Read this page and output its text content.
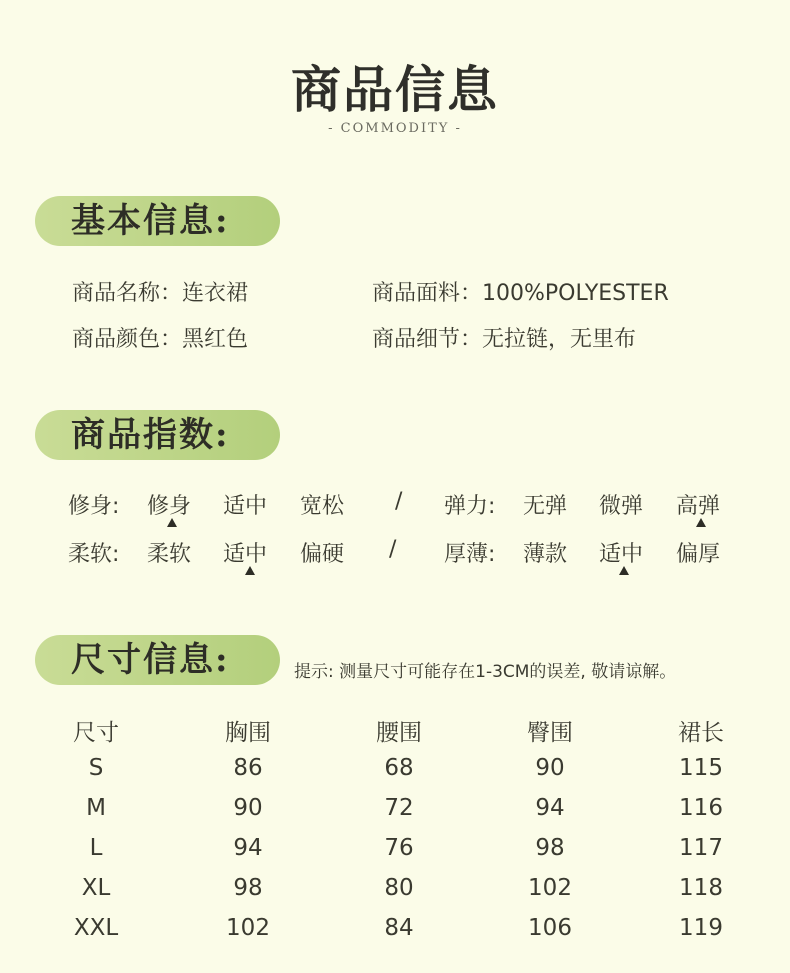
商品信息
- COMMODITY -
基本信息:
商品名称：连衣裙	商品面料：100%POLYESTER
商品颜色：黑红色	商品细节：无拉链，无里布
商品指数:
修身: 修身 适中 宽松 / 弹力: 无弹 微弹 高弹
柔软: 柔软 适中 偏硬 / 厚薄: 薄款 适中 偏厚
尺寸信息:	提示: 测量尺寸可能存在1-3CM的误差, 敬请谅解。
尺寸	胸围	腰围	臀围	裙长
S	86	68	90	115
M	90	72	94	116
L	94	76	98	117
XL	98	80	102	118
XXL	102	84	106	119
